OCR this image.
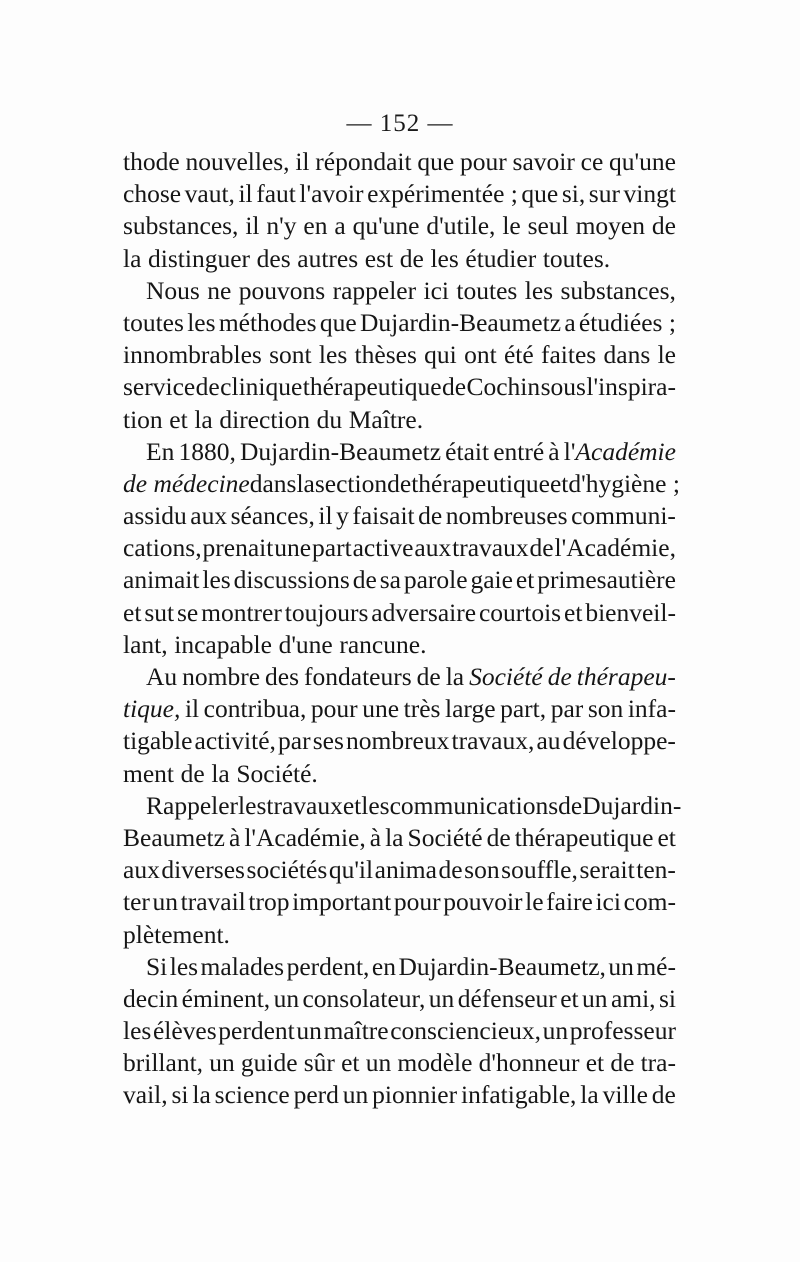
— 152 —
thode nouvelles, il répondait que pour savoir ce qu'une
chose vaut, il faut l'avoir expérimentée ; que si, sur vingt
substances, il n'y en a qu'une d'utile, le seul moyen de
la distinguer des autres est de les étudier toutes.
Nous ne pouvons rappeler ici toutes les substances,
toutes les méthodes que Dujardin-Beaumetz a étudiées ;
innombrables sont les thèses qui ont été faites dans le
service de clinique thérapeutique de Cochin sous l'inspira-
tion et la direction du Maître.
En 1880, Dujardin-Beaumetz était entré à l'Académie
de médecine dans la section de thérapeutique et d'hygiène ;
assidu aux séances, il y faisait de nombreuses communi-
cations, prenait une part active aux travaux de l'Académie,
animait les discussions de sa parole gaie et primesautière
et sut se montrer toujours adversaire courtois et bienveil-
lant, incapable d'une rancune.
Au nombre des fondateurs de la Société de thérapeu-
tique, il contribua, pour une très large part, par son infa-
tigable activité, par ses nombreux travaux, au développe-
ment de la Société.
Rappeler les travaux et les communications de Dujardin-
Beaumetz à l'Académie, à la Société de thérapeutique et
aux diverses sociétés qu'il anima de son souffle, serait ten-
ter un travail trop important pour pouvoir le faire ici com-
plètement.
Si les malades perdent, en Dujardin-Beaumetz, un mé-
decin éminent, un consolateur, un défenseur et un ami, si
les élèves perdent un maître consciencieux, un professeur
brillant, un guide sûr et un modèle d'honneur et de tra-
vail, si la science perd un pionnier infatigable, la ville de
